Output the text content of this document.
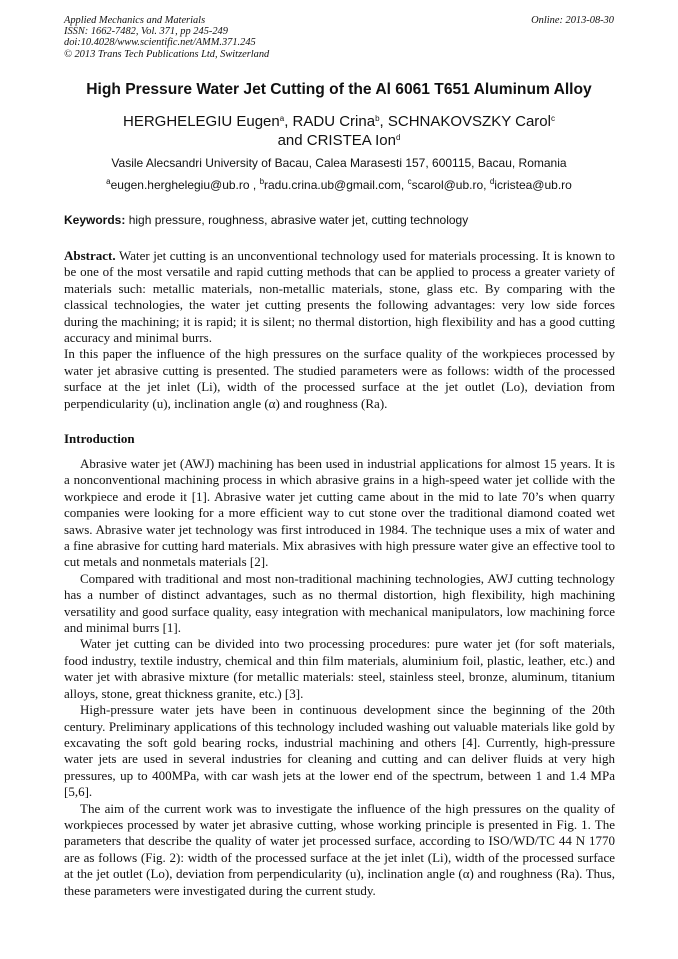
Applied Mechanics and Materials
ISSN: 1662-7482, Vol. 371, pp 245-249
doi:10.4028/www.scientific.net/AMM.371.245
© 2013 Trans Tech Publications Ltd, Switzerland
Online: 2013-08-30
High Pressure Water Jet Cutting of the Al 6061 T651 Aluminum Alloy
HERGHELEGIU Eugen$^a$, RADU Crina$^b$, SCHNAKOVSZKY Carol$^c$
and CRISTEA Ion$^d$
Vasile Alecsandri University of Bacau, Calea Marasesti 157, 600115, Bacau, Romania
$^a$eugen.herghelegiu@ub.ro , $^b$radu.crina.ub@gmail.com, $^c$scarol@ub.ro, $^d$icristea@ub.ro
Keywords: high pressure, roughness, abrasive water jet, cutting technology

Abstract. Water jet cutting is an unconventional technology used for materials processing. It is known to be one of the most versatile and rapid cutting methods that can be applied to process a greater variety of materials such: metallic materials, non-metallic materials, stone, glass etc. By comparing with the classical technologies, the water jet cutting presents the following advantages: very low side forces during the machining; it is rapid; it is silent; no thermal distortion, high flexibility and has a good cutting accuracy and minimal burrs.

In this paper the influence of the high pressures on the surface quality of the workpieces processed by water jet abrasive cutting is presented. The studied parameters were as follows: width of the processed surface at the jet inlet (Li), width of the processed surface at the jet outlet (Lo), deviation from perpendicularity (u), inclination angle (α) and roughness (Ra).

Introduction

Abrasive water jet (AWJ) machining has been used in industrial applications for almost 15 years. It is a nonconventional machining process in which abrasive grains in a high-speed water jet collide with the workpiece and erode it [1]. Abrasive water jet cutting came about in the mid to late 70’s when quarry companies were looking for a more efficient way to cut stone over the traditional diamond coated wet saws. Abrasive water jet technology was first introduced in 1984. The technique uses a mix of water and a fine abrasive for cutting hard materials. Mix abrasives with high pressure water give an effective tool to cut metals and nonmetals materials [2].

Compared with traditional and most non-traditional machining technologies, AWJ cutting technology has a number of distinct advantages, such as no thermal distortion, high flexibility, high machining versatility and good surface quality, easy integration with mechanical manipulators, low machining force and minimal burrs [1].

Water jet cutting can be divided into two processing procedures: pure water jet (for soft materials, food industry, textile industry, chemical and thin film materials, aluminium foil, plastic, leather, etc.) and water jet with abrasive mixture (for metallic materials: steel, stainless steel, bronze, aluminum, titanium alloys, stone, great thickness granite, etc.) [3].

High-pressure water jets have been in continuous development since the beginning of the 20th century. Preliminary applications of this technology included washing out valuable materials like gold by excavating the soft gold bearing rocks, industrial machining and others [4]. Currently, high-pressure water jets are used in several industries for cleaning and cutting and can deliver fluids at very high pressures, up to 400MPa, with car wash jets at the lower end of the spectrum, between 1 and 1.4 MPa [5,6].

The aim of the current work was to investigate the influence of the high pressures on the quality of workpieces processed by water jet abrasive cutting, whose working principle is presented in Fig. 1. The parameters that describe the quality of water jet processed surface, according to ISO/WD/TC 44 N 1770 are as follows (Fig. 2): width of the processed surface at the jet inlet (Li), width of the processed surface at the jet outlet (Lo), deviation from perpendicularity (u), inclination angle (α) and roughness (Ra). Thus, these parameters were investigated during the current study.
